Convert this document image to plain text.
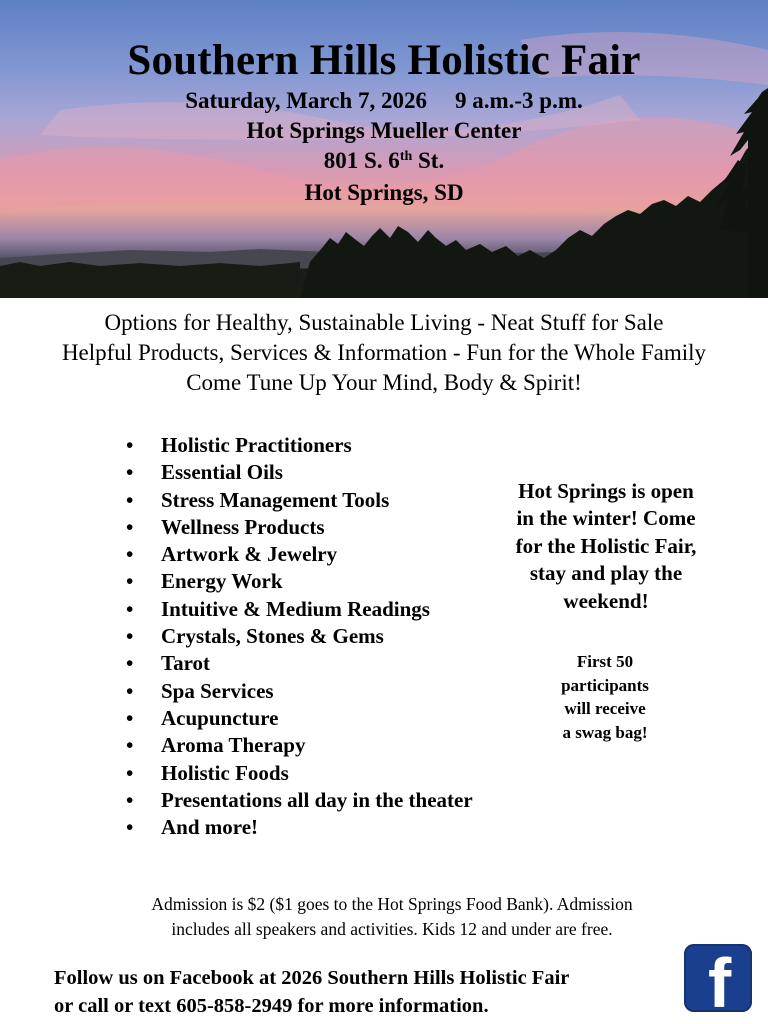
Southern Hills Holistic Fair
Saturday, March 7, 2026 9 a.m.-3 p.m.
Hot Springs Mueller Center
801 S. 6th St.
Hot Springs, SD
Options for Healthy, Sustainable Living - Neat Stuff for Sale
Helpful Products, Services & Information - Fun for the Whole Family
Come Tune Up Your Mind, Body & Spirit!
• Holistic Practitioners
• Essential Oils
• Stress Management Tools
• Wellness Products
• Artwork & Jewelry
• Energy Work
• Intuitive & Medium Readings
• Crystals, Stones & Gems
• Tarot
• Spa Services
• Acupuncture
• Aroma Therapy
• Holistic Foods
• Presentations all day in the theater
• And more!
Hot Springs is open
in the winter! Come
for the Holistic Fair,
stay and play the
weekend!
First 50
participants
will receive
a swag bag!
Admission is $2 ($1 goes to the Hot Springs Food Bank). Admission
includes all speakers and activities. Kids 12 and under are free.
Follow us on Facebook at 2026 Southern Hills Holistic Fair
or call or text 605-858-2949 for more information.	f
